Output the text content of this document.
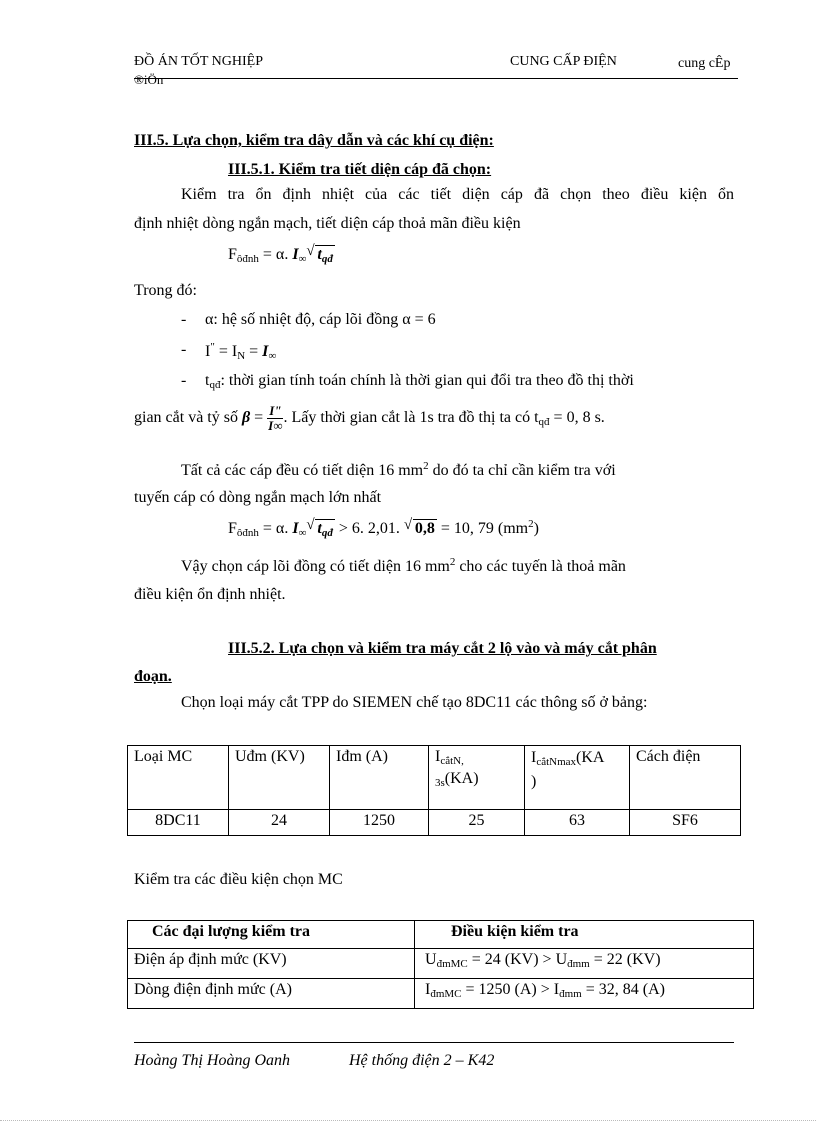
ĐỒ ÁN TỐT NGHIỆP	CUNG CẤP ĐIỆN	cung cÊp
®iÖn
III.5. Lựa chọn, kiểm tra dây dẫn và các khí cụ điện:
III.5.1. Kiểm tra tiết diện cáp đã chọn:
Kiểm tra ổn định nhiệt của các tiết diện cáp đã chọn theo điều kiện ổn
định nhiệt dòng ngắn mạch, tiết diện cáp thoả mãn điều kiện
$F_{ôđnh} = \alpha$. $I_\infty$ √ $t_{qđ}$
Trong đó:
- α: hệ số nhiệt độ, cáp lõi đồng α = 6
- $I^" = I_N = I_\infty$
- $t_{qđ}$: thời gian tính toán chính là thời gian qui đổi tra theo đồ thị thời
gian cắt và tỷ số $\beta = \frac{I"}{I\infty}$ . Lấy thời gian cắt là 1s tra đồ thị ta có $t_{qđ} = 0$, 8 s.
Tất cả các cáp đều có tiết diện 16 $mm^2$ do đó ta chỉ cần kiểm tra với
tuyến cáp có dòng ngắn mạch lớn nhất
$F_{ôđnh} = \alpha$. $I_\infty$ √ $t_{qđ} > 6$. 2,01. √ 0,8 = 10, 79 $(mm^2)$
Vậy chọn cáp lõi đồng có tiết diện 16 $mm^2$ cho các tuyến là thoả mãn
điều kiện ổn định nhiệt.
III.5.2. Lựa chọn và kiểm tra máy cắt 2 lộ vào và máy cắt phân
đoạn.
Chọn loại máy cắt TPP do SIEMEN chế tạo 8DC11 các thông số ở bảng:
Loại MC	Uđm (KV)	Iđm (A)	$I_{cắtN,}$
$_{3s}$(KA)	$I_{cắtNmax}(KA$
)	Cách điện
8DC11	24	1250	25	63	SF6
Kiểm tra các điều kiện chọn MC
Các đại lượng kiểm tra	Điều kiện kiểm tra
Điện áp định mức (KV)	$U_{đmMC} = 24$ $(KV) > U_{đmm} = 22$ (KV)
Dòng điện định mức (A)	$I_{đmMC} = 1250$ $(A) > I_{đmm} = 32$, 84 (A)
Hoàng Thị Hoàng Oanh	Hệ thống điện 2 – K42
